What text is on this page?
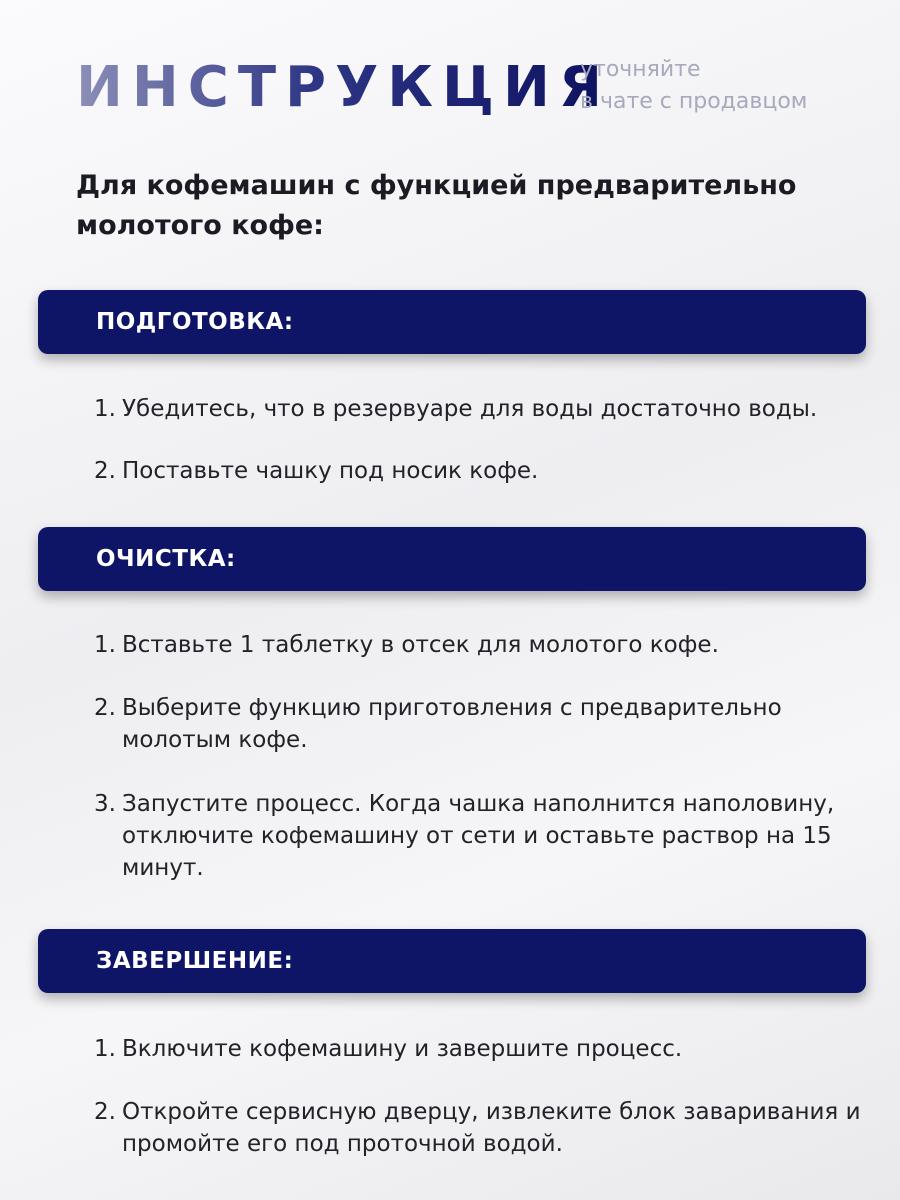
ИНСТРУКЦИЯ
уточняйте
в чате с продавцом
Для кофемашин с функцией предварительно молотого кофе:
ПОДГОТОВКА:
1. Убедитесь, что в резервуаре для воды достаточно воды.
2. Поставьте чашку под носик кофе.
ОЧИСТКА:
1. Вставьте 1 таблетку в отсек для молотого кофе.
2. Выберите функцию приготовления с предварительно молотым кофе.
3. Запустите процесс. Когда чашка наполнится наполовину, отключите кофемашину от сети и оставьте раствор на 15 минут.
ЗАВЕРШЕНИЕ:
1. Включите кофемашину и завершите процесс.
2. Откройте сервисную дверцу, извлеките блок заваривания и промойте его под проточной водой.
